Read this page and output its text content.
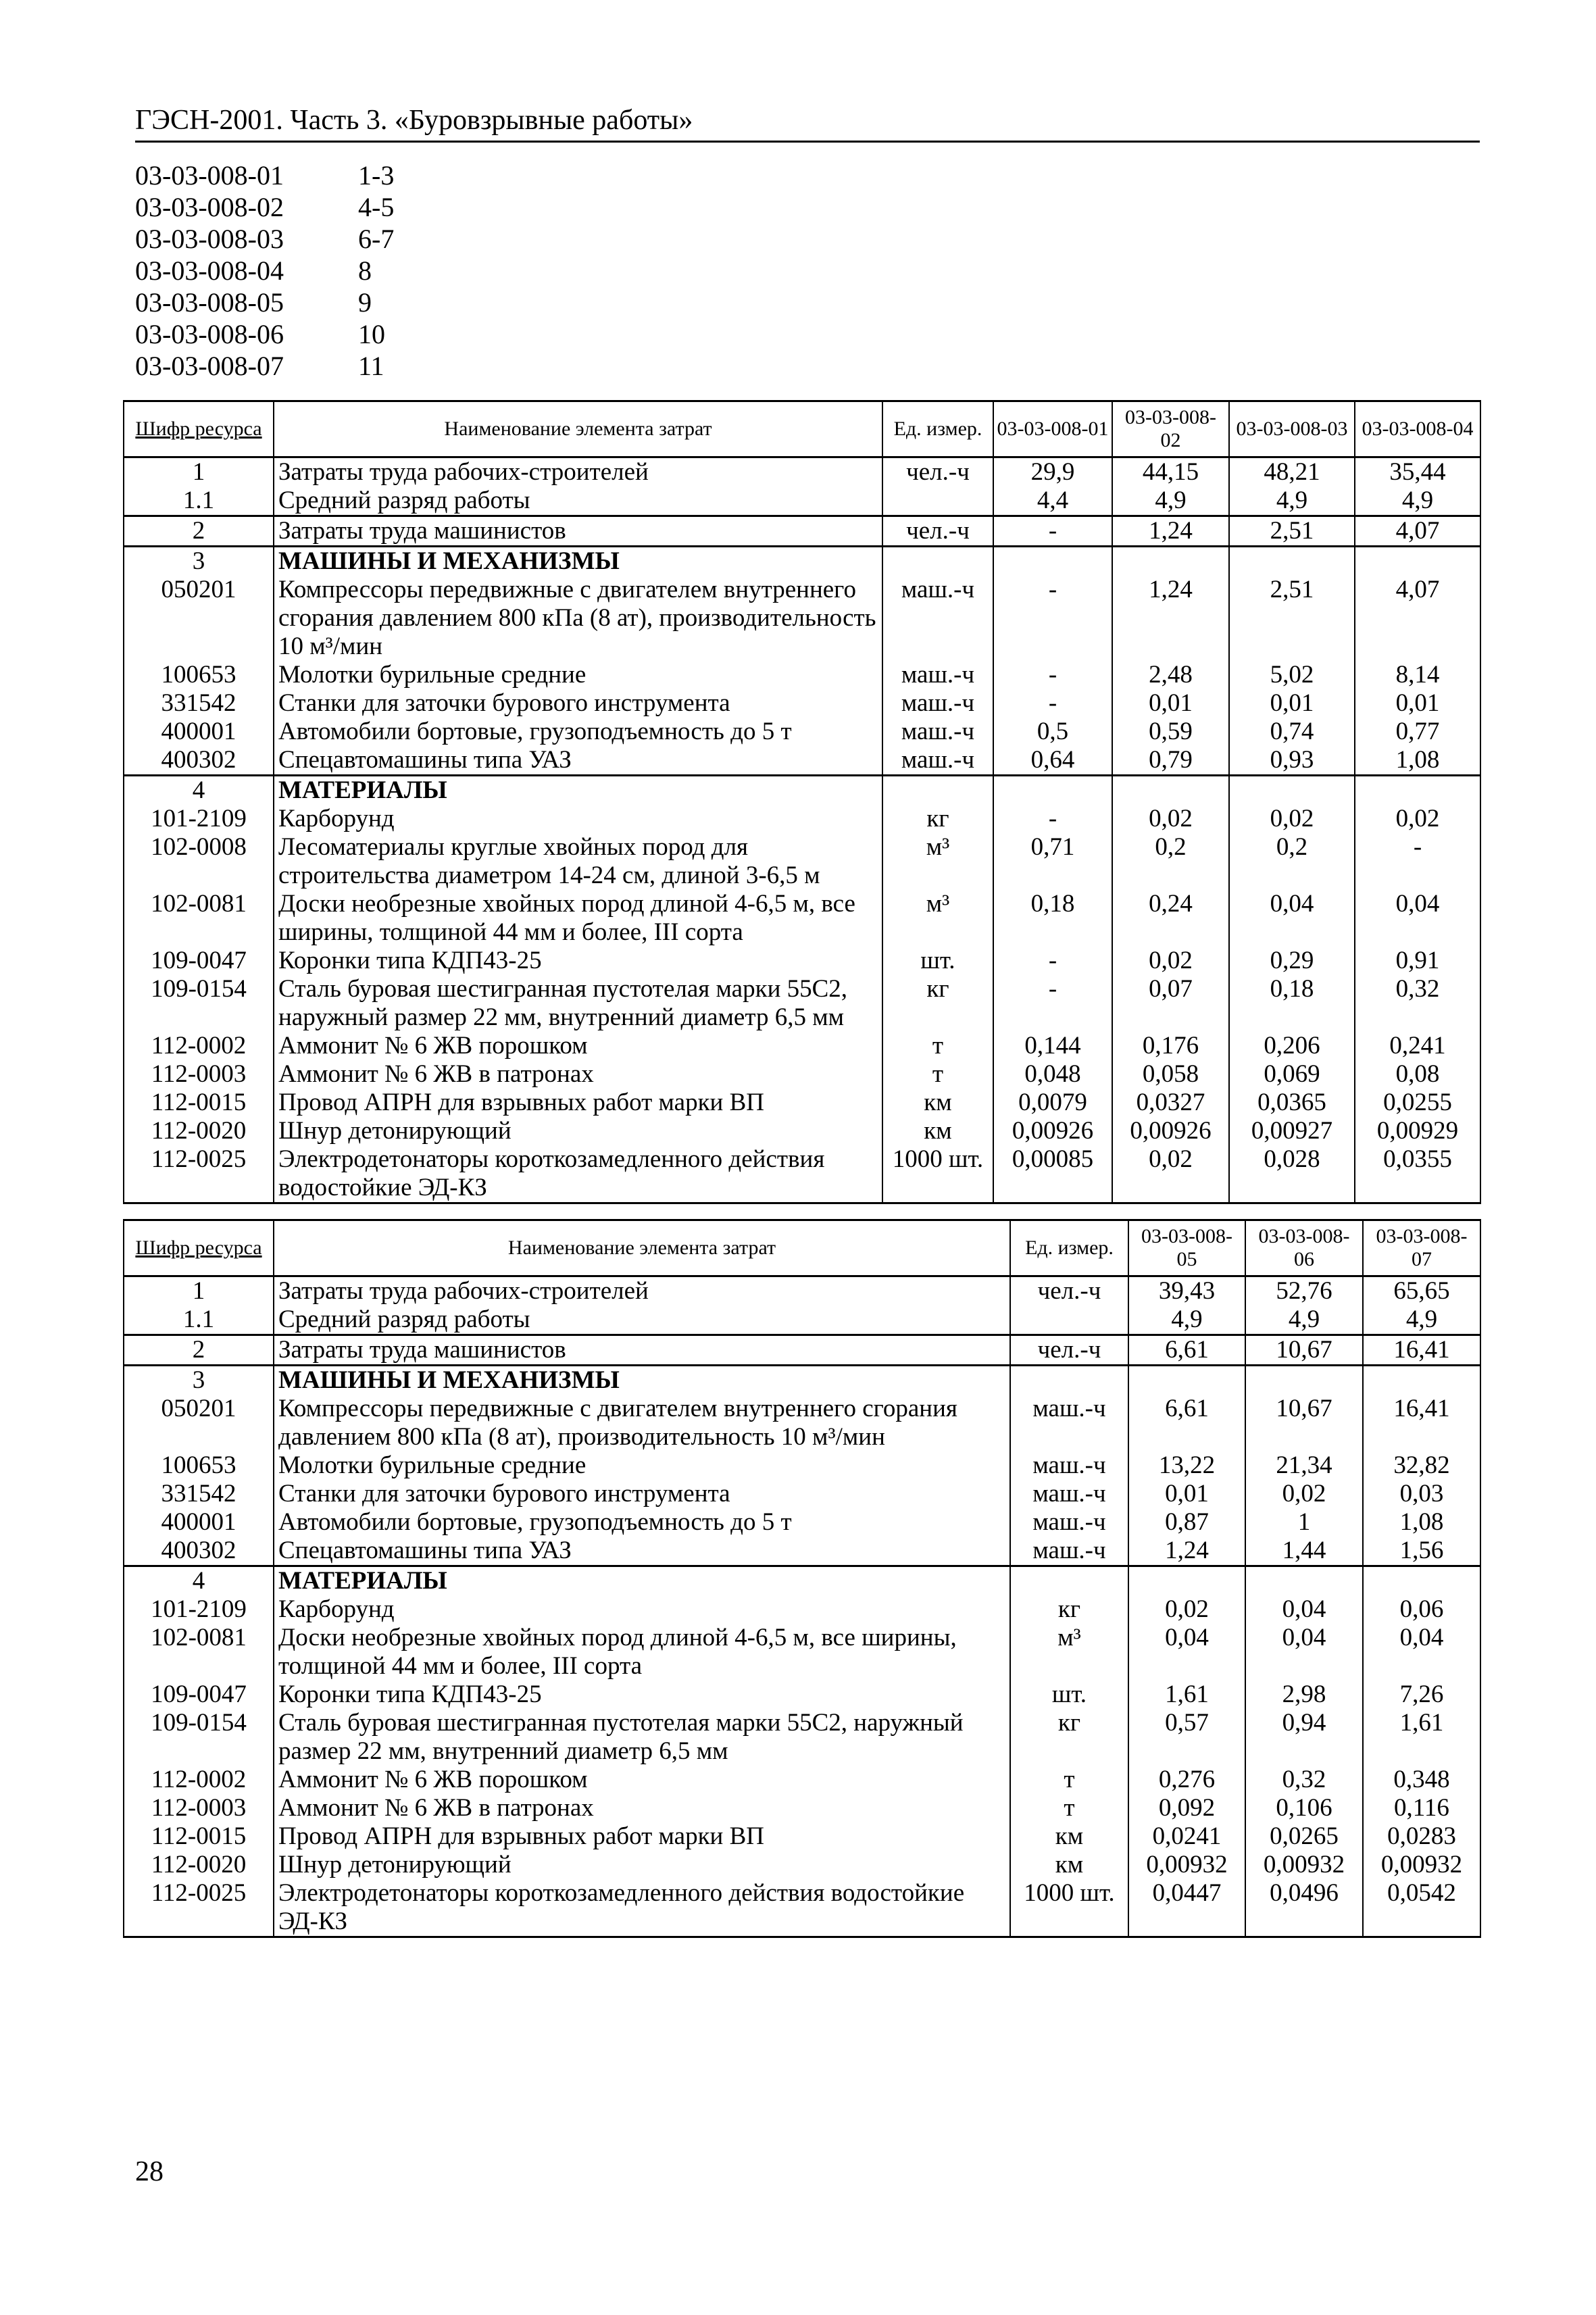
ГЭСН-2001. Часть 3. «Буровзрывные работы»
03-03-008-01	1-3
03-03-008-02	4-5
03-03-008-03	6-7
03-03-008-04	8
03-03-008-05	9
03-03-008-06	10
03-03-008-07	11
Шифр ресурса	Наименование элемента затрат	Ед. измер.	03-03-008-01	03-03-008-02	03-03-008-03	03-03-008-04
1	Затраты труда рабочих-строителей	чел.-ч	29,9	44,15	48,21	35,44
1.1	Средний разряд работы		4,4	4,9	4,9	4,9
2	Затраты труда машинистов	чел.-ч	-	1,24	2,51	4,07
3	МАШИНЫ И МЕХАНИЗМЫ					
050201	Компрессоры передвижные с двигателем внутреннего сгорания давлением 800 кПа (8 ат), производительность 10 м³/мин	маш.-ч	-	1,24	2,51	4,07
100653	Молотки бурильные средние	маш.-ч	-	2,48	5,02	8,14
331542	Станки для заточки бурового инструмента	маш.-ч	-	0,01	0,01	0,01
400001	Автомобили бортовые, грузоподъемность до 5 т	маш.-ч	0,5	0,59	0,74	0,77
400302	Спецавтомашины типа УАЗ	маш.-ч	0,64	0,79	0,93	1,08
4	МАТЕРИАЛЫ					
101-2109	Карборунд	кг	-	0,02	0,02	0,02
102-0008	Лесоматериалы круглые хвойных пород для строительства диаметром 14-24 см, длиной 3-6,5 м	м³	0,71	0,2	0,2	-
102-0081	Доски необрезные хвойных пород длиной 4-6,5 м, все ширины, толщиной 44 мм и более, III сорта	м³	0,18	0,24	0,04	0,04
109-0047	Коронки типа КДП43-25	шт.	-	0,02	0,29	0,91
109-0154	Сталь буровая шестигранная пустотелая марки 55С2, наружный размер 22 мм, внутренний диаметр 6,5 мм	кг	-	0,07	0,18	0,32
112-0002	Аммонит № 6 ЖВ порошком	т	0,144	0,176	0,206	0,241
112-0003	Аммонит № 6 ЖВ в патронах	т	0,048	0,058	0,069	0,08
112-0015	Провод АПРН для взрывных работ марки ВП	км	0,0079	0,0327	0,0365	0,0255
112-0020	Шнур детонирующий	км	0,00926	0,00926	0,00927	0,00929
112-0025	Электродетонаторы короткозамедленного действия водостойкие ЭД-КЗ	1000 шт.	0,00085	0,02	0,028	0,0355
Шифр ресурса	Наименование элемента затрат	Ед. измер.	03-03-008-05	03-03-008-06	03-03-008-07
1	Затраты труда рабочих-строителей	чел.-ч	39,43	52,76	65,65
1.1	Средний разряд работы		4,9	4,9	4,9
2	Затраты труда машинистов	чел.-ч	6,61	10,67	16,41
3	МАШИНЫ И МЕХАНИЗМЫ				
050201	Компрессоры передвижные с двигателем внутреннего сгорания давлением 800 кПа (8 ат), производительность 10 м³/мин	маш.-ч	6,61	10,67	16,41
100653	Молотки бурильные средние	маш.-ч	13,22	21,34	32,82
331542	Станки для заточки бурового инструмента	маш.-ч	0,01	0,02	0,03
400001	Автомобили бортовые, грузоподъемность до 5 т	маш.-ч	0,87	1	1,08
400302	Спецавтомашины типа УАЗ	маш.-ч	1,24	1,44	1,56
4	МАТЕРИАЛЫ				
101-2109	Карборунд	кг	0,02	0,04	0,06
102-0081	Доски необрезные хвойных пород длиной 4-6,5 м, все ширины, толщиной 44 мм и более, III сорта	м³	0,04	0,04	0,04
109-0047	Коронки типа КДП43-25	шт.	1,61	2,98	7,26
109-0154	Сталь буровая шестигранная пустотелая марки 55С2, наружный размер 22 мм, внутренний диаметр 6,5 мм	кг	0,57	0,94	1,61
112-0002	Аммонит № 6 ЖВ порошком	т	0,276	0,32	0,348
112-0003	Аммонит № 6 ЖВ в патронах	т	0,092	0,106	0,116
112-0015	Провод АПРН для взрывных работ марки ВП	км	0,0241	0,0265	0,0283
112-0020	Шнур детонирующий	км	0,00932	0,00932	0,00932
112-0025	Электродетонаторы короткозамедленного действия водостойкие ЭД-КЗ	1000 шт.	0,0447	0,0496	0,0542
28
